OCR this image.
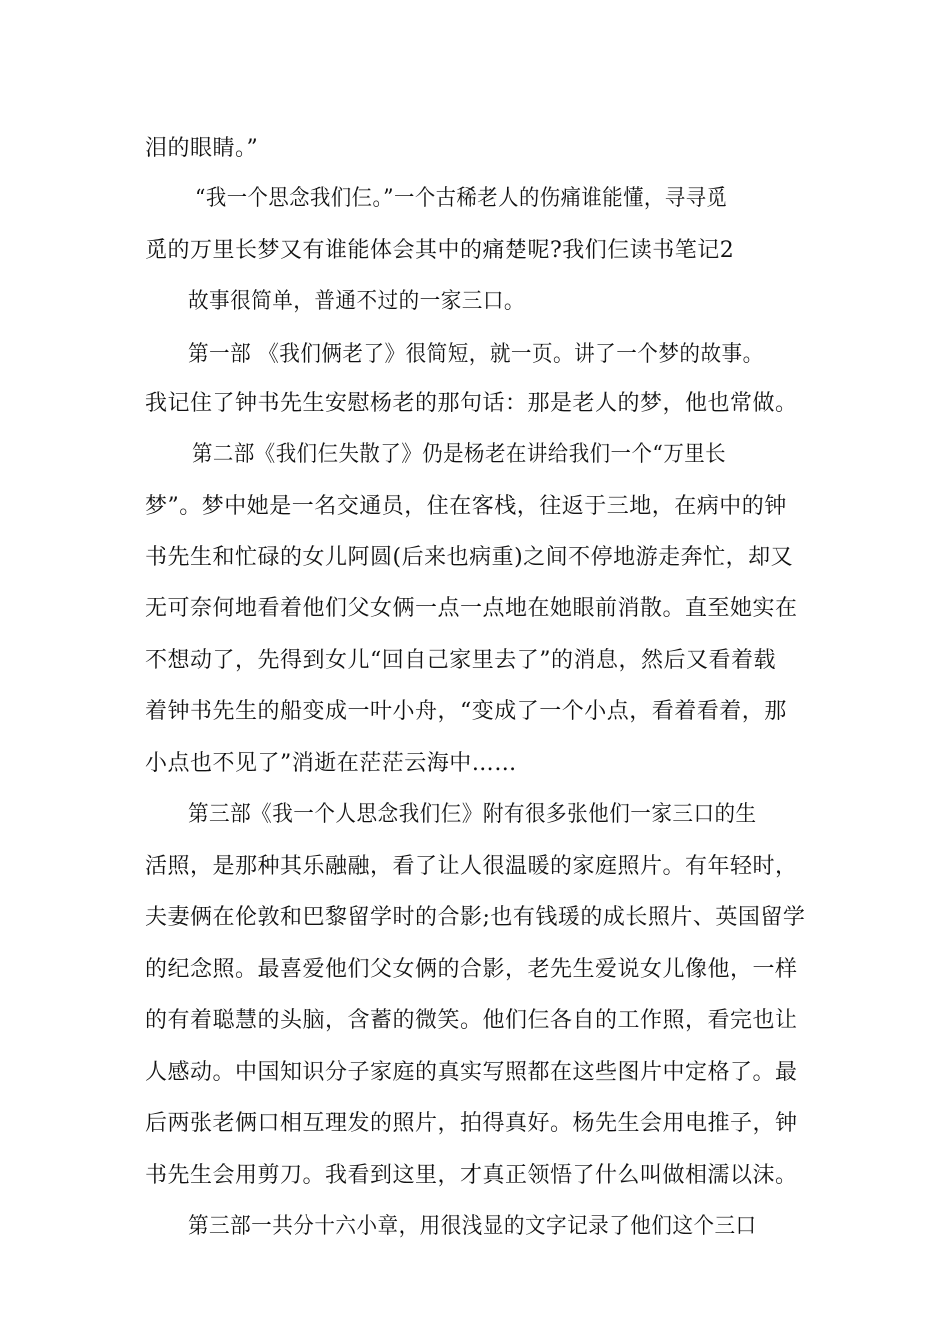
泪的眼睛。”

“我一个思念我们仨。”一个古稀老人的伤痛谁能懂，寻寻觅

觅的万里长梦又有谁能体会其中的痛楚呢?我们仨读书笔记2

故事很简单，普通不过的一家三口。

第一部 《我们俩老了》很简短，就一页。讲了一个梦的故事。

我记住了钟书先生安慰杨老的那句话：那是老人的梦，他也常做。

第二部《我们仨失散了》仍是杨老在讲给我们一个“万里长

梦”。梦中她是一名交通员，住在客栈，往返于三地，在病中的钟

书先生和忙碌的女儿阿圆(后来也病重)之间不停地游走奔忙，却又

无可奈何地看着他们父女俩一点一点地在她眼前消散。直至她实在

不想动了，先得到女儿“回自己家里去了”的消息，然后又看着载

着钟书先生的船变成一叶小舟，“变成了一个小点，看着看着，那

小点也不见了”消逝在茫茫云海中……

第三部《我一个人思念我们仨》附有很多张他们一家三口的生

活照，是那种其乐融融，看了让人很温暖的家庭照片。有年轻时，

夫妻俩在伦敦和巴黎留学时的合影;也有钱瑗的成长照片、英国留学

的纪念照。最喜爱他们父女俩的合影，老先生爱说女儿像他，一样

的有着聪慧的头脑，含蓄的微笑。他们仨各自的工作照，看完也让

人感动。中国知识分子家庭的真实写照都在这些图片中定格了。最

后两张老俩口相互理发的照片，拍得真好。杨先生会用电推子，钟

书先生会用剪刀。我看到这里，才真正领悟了什么叫做相濡以沫。

第三部一共分十六小章，用很浅显的文字记录了他们这个三口
